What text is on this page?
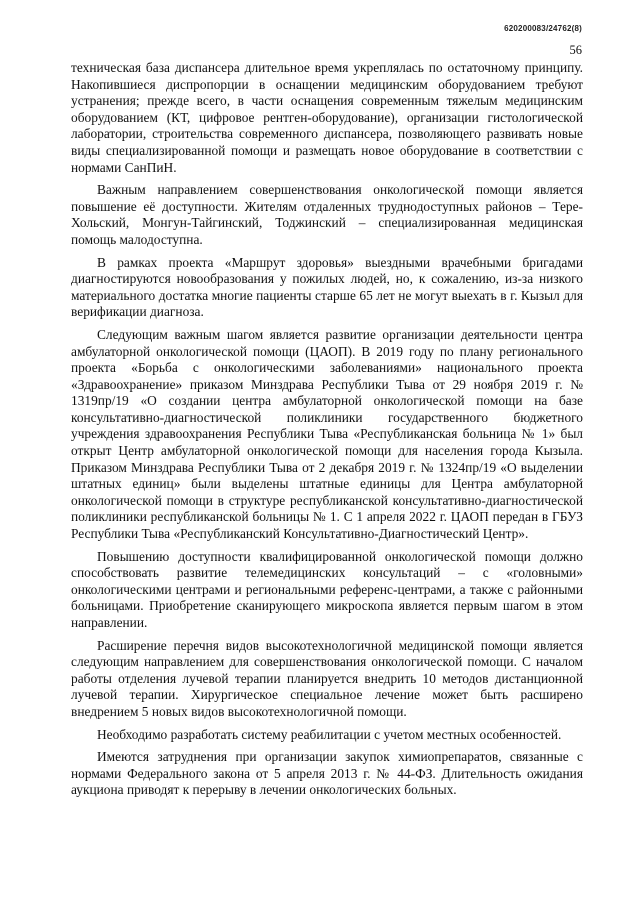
620200083/24762(8)
56

техническая база диспансера длительное время укреплялась по остаточному принципу. Накопившиеся диспропорции в оснащении медицинским оборудованием требуют устранения; прежде всего, в части оснащения современным тяжелым медицинским оборудованием (КТ, цифровое рентген-оборудование), организации гистологической лаборатории, строительства современного диспансера, позволяющего развивать новые виды специализированной помощи и размещать новое оборудование в соответствии с нормами СанПиН.

Важным направлением совершенствования онкологической помощи является повышение её доступности. Жителям отдаленных труднодоступных районов – Тере-Хольский, Монгун-Тайгинский, Тоджинский – специализированная медицинская помощь малодоступна.

В рамках проекта «Маршрут здоровья» выездными врачебными бригадами диагностируются новообразования у пожилых людей, но, к сожалению, из-за низкого материального достатка многие пациенты старше 65 лет не могут выехать в г. Кызыл для верификации диагноза.

Следующим важным шагом является развитие организации деятельности центра амбулаторной онкологической помощи (ЦАОП). В 2019 году по плану регионального проекта «Борьба с онкологическими заболеваниями» национального проекта «Здравоохранение» приказом Минздрава Республики Тыва от 29 ноября 2019 г. № 1319пр/19 «О создании центра амбулаторной онкологической помощи на базе консультативно-диагностической поликлиники государственного бюджетного учреждения здравоохранения Республики Тыва «Республиканская больница № 1» был открыт Центр амбулаторной онкологической помощи для населения города Кызыла. Приказом Минздрава Республики Тыва от 2 декабря 2019 г. № 1324пр/19 «О выделении штатных единиц» были выделены штатные единицы для Центра амбулаторной онкологической помощи в структуре республиканской консультативно-диагностической поликлиники республиканской больницы № 1. С 1 апреля 2022 г. ЦАОП передан в ГБУЗ Республики Тыва «Республиканский Консультативно-Диагностический Центр».

Повышению доступности квалифицированной онкологической помощи должно способствовать развитие телемедицинских консультаций – с «головными» онкологическими центрами и региональными референс-центрами, а также с районными больницами. Приобретение сканирующего микроскопа является первым шагом в этом направлении.

Расширение перечня видов высокотехнологичной медицинской помощи является следующим направлением для совершенствования онкологической помощи. С началом работы отделения лучевой терапии планируется внедрить 10 методов дистанционной лучевой терапии. Хирургическое специальное лечение может быть расширено внедрением 5 новых видов высокотехнологичной помощи.

Необходимо разработать систему реабилитации с учетом местных особенностей.

Имеются затруднения при организации закупок химиопрепаратов, связанные с нормами Федерального закона от 5 апреля 2013 г. № 44-ФЗ. Длительность ожидания аукциона приводят к перерыву в лечении онкологических больных.
